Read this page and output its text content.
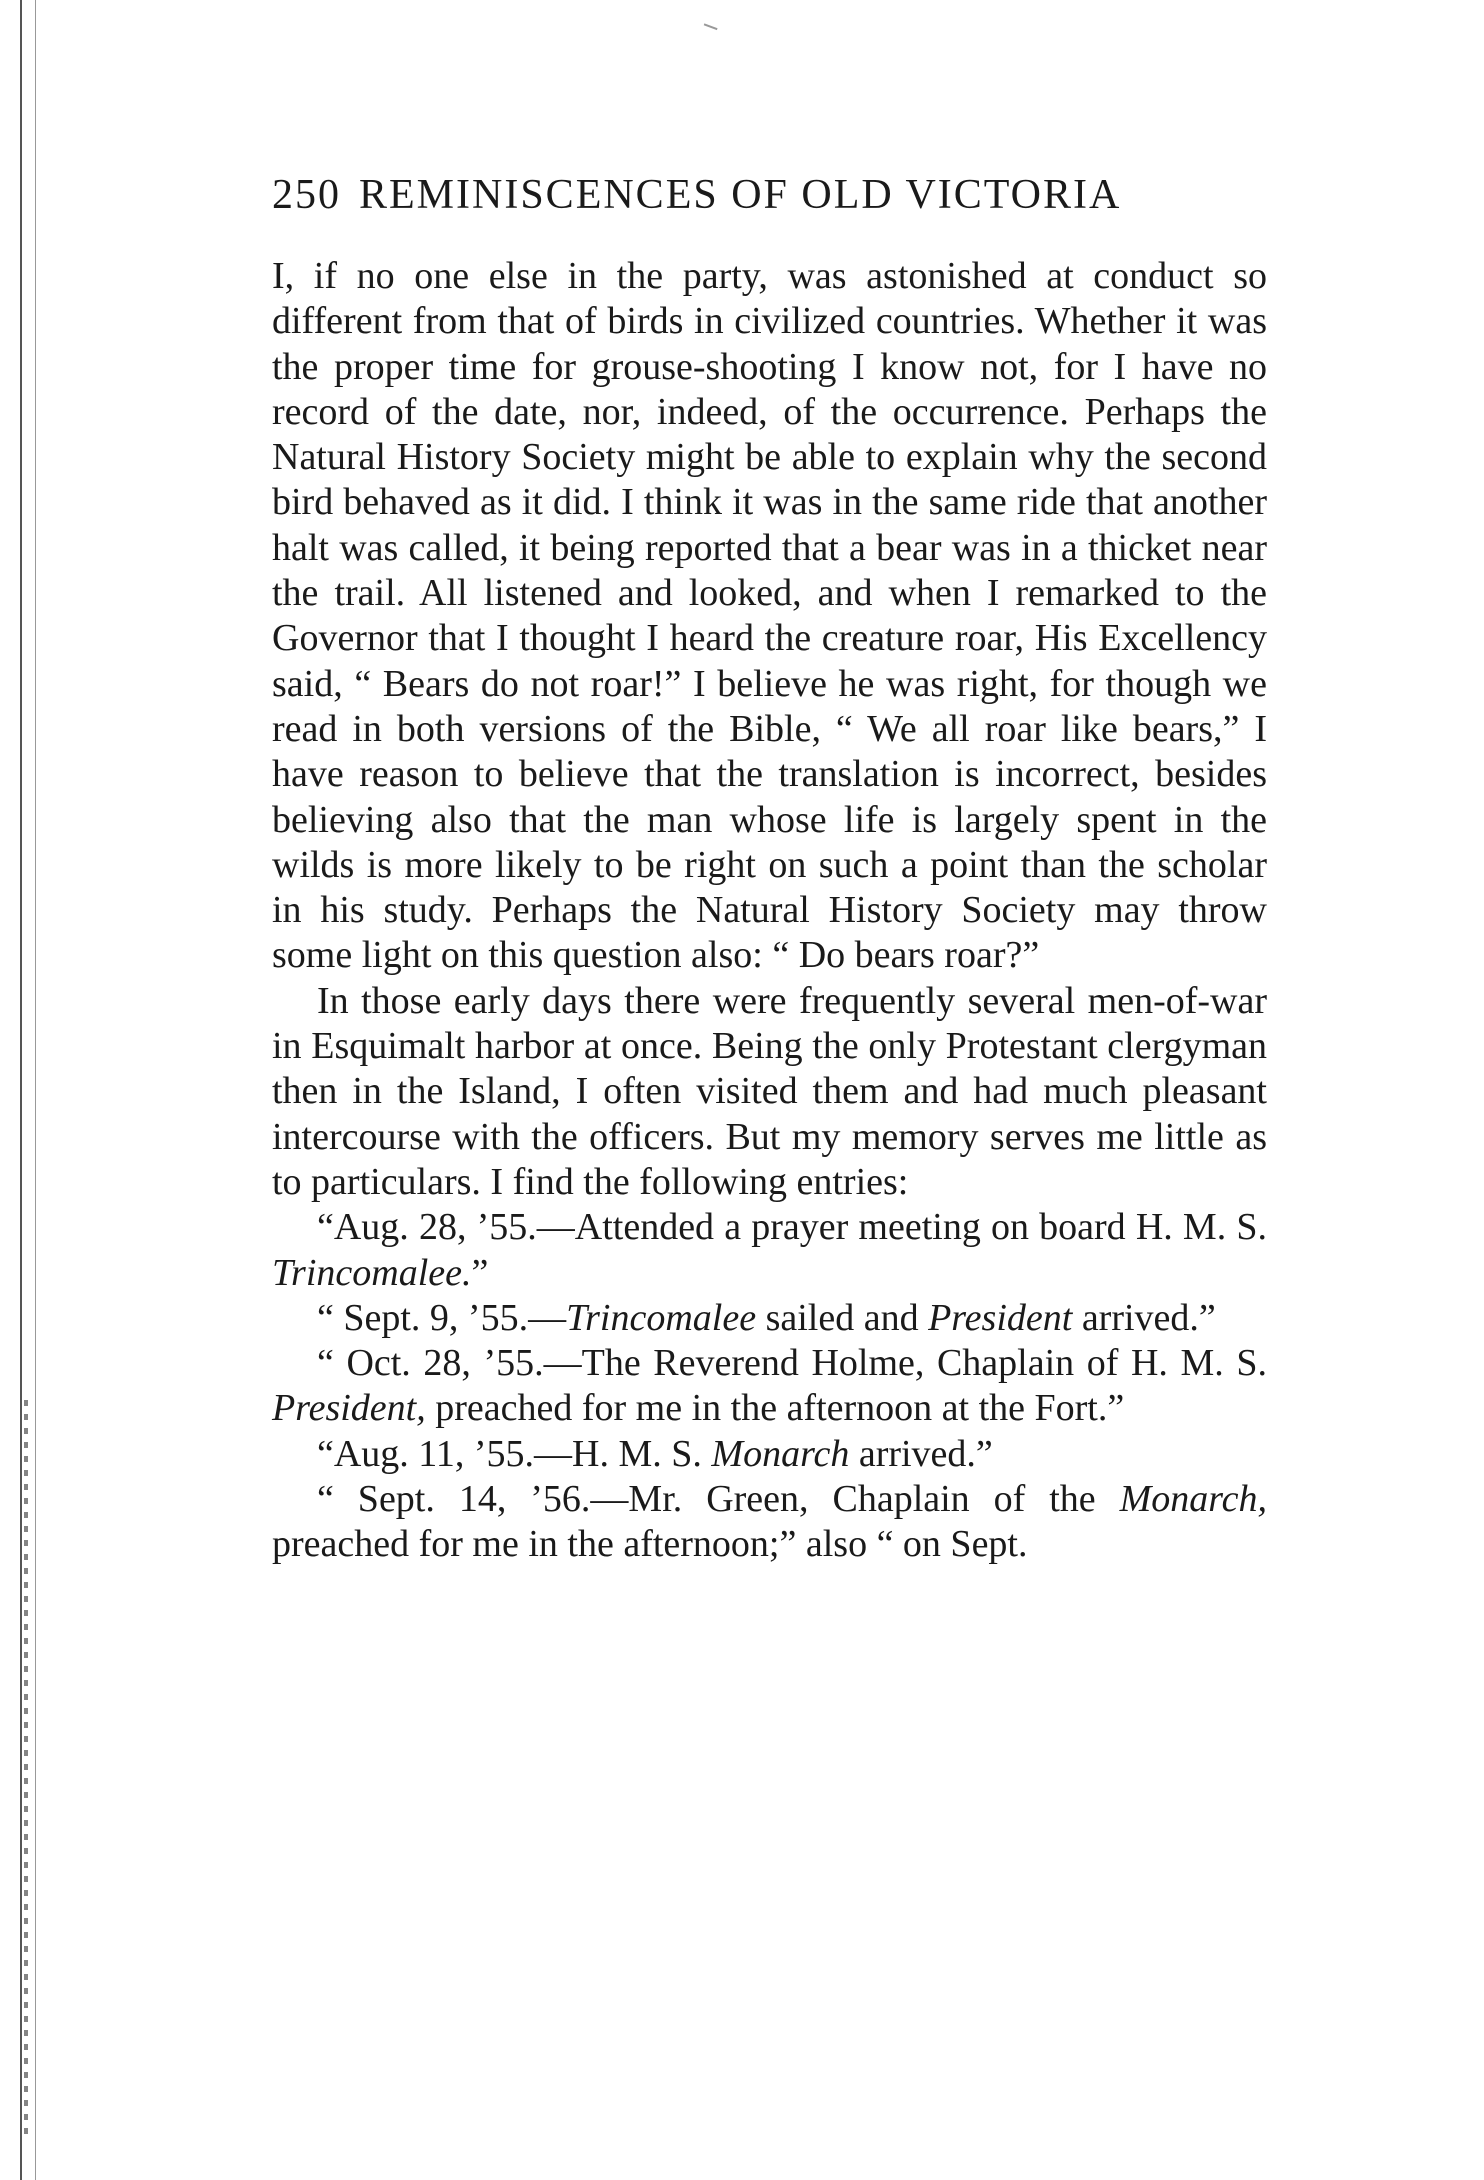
250 REMINISCENCES OF OLD VICTORIA

I, if no one else in the party, was astonished at conduct so different from that of birds in civilized countries. Whether it was the proper time for grouse-shooting I know not, for I have no record of the date, nor, indeed, of the occurrence. Perhaps the Natural History Society might be able to explain why the second bird behaved as it did. I think it was in the same ride that another halt was called, it being reported that a bear was in a thicket near the trail. All listened and looked, and when I remarked to the Governor that I thought I heard the creature roar, His Excellency said, “ Bears do not roar!” I believe he was right, for though we read in both versions of the Bible, “ We all roar like bears,” I have reason to believe that the translation is incorrect, besides believing also that the man whose life is largely spent in the wilds is more likely to be right on such a point than the scholar in his study. Perhaps the Natural History Society may throw some light on this question also: “ Do bears roar?”

In those early days there were frequently several men-of-war in Esquimalt harbor at once. Being the only Protestant clergyman then in the Island, I often visited them and had much pleasant intercourse with the officers. But my memory serves me little as to particulars. I find the following entries:

“Aug. 28, ’55.—Attended a prayer meeting on board H. M. S. Trincomalee.”

“ Sept. 9, ’55.—Trincomalee sailed and President arrived.”

“ Oct. 28, ’55.—The Reverend Holme, Chaplain of H. M. S. President, preached for me in the afternoon at the Fort.”

“Aug. 11, ’55.—H. M. S. Monarch arrived.”

“ Sept. 14, ’56.—Mr. Green, Chaplain of the Monarch, preached for me in the afternoon;” also “ on Sept.
